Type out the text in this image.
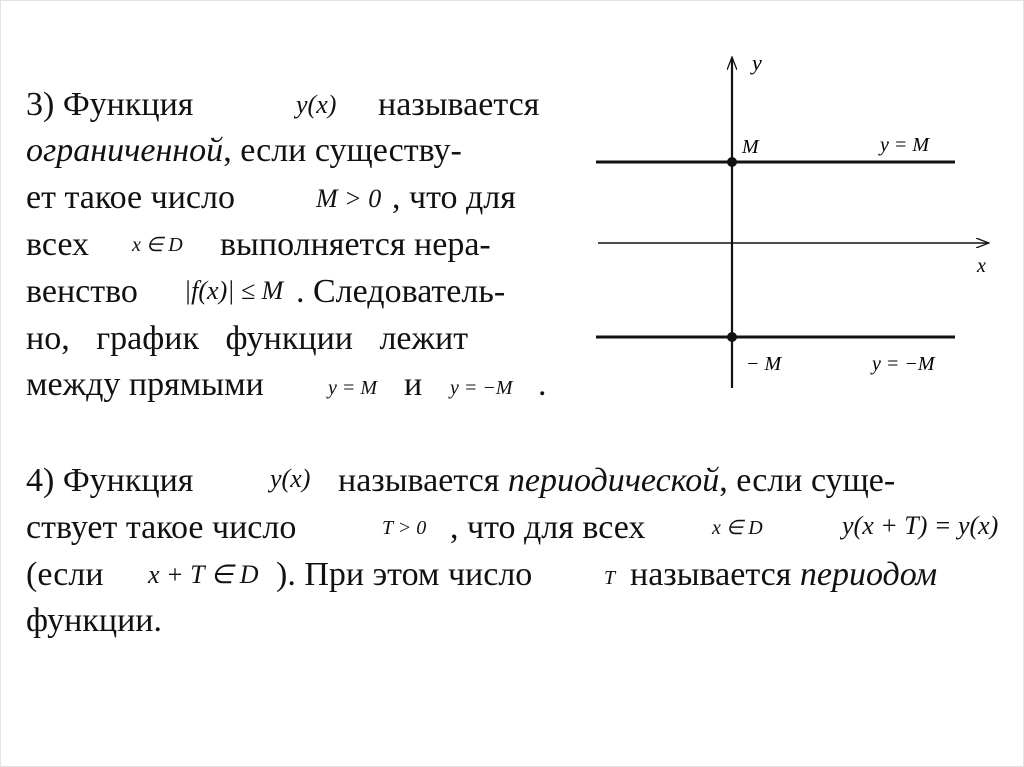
3) Функция	y(x) называется
ограниченной, если существу-
ет такое число	M > 0 , что для
всех x ∈ D выполняется нера-
венство |f(x)| ≤ M . Следователь-
но, график функции лежит
между прямыми	y = M и y = −M .
y
x
M	y = M
− M	y = −M
4) Функция	y(x) называется периодической, если суще-
ствует такое число	T > 0 , что для всех	x ∈ D	y(x + T) = y(x)
(если x + T ∈ D ). При этом число	T называется периодом
функции.
